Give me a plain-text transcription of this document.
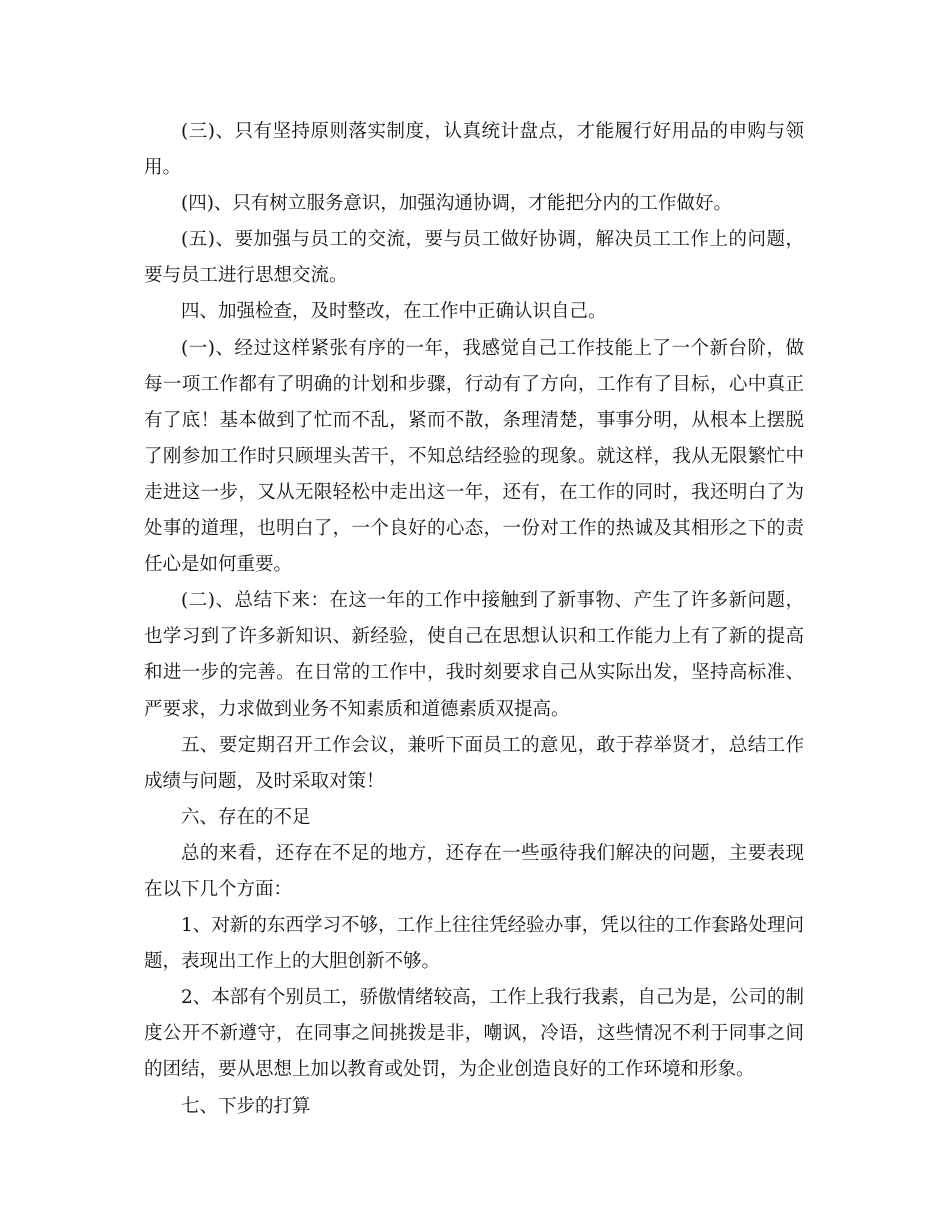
(三)、只有坚持原则落实制度，认真统计盘点，才能履行好用品的申购与领用。

(四)、只有树立服务意识，加强沟通协调，才能把分内的工作做好。

(五)、要加强与员工的交流，要与员工做好协调，解决员工工作上的问题，要与员工进行思想交流。

四、加强检查，及时整改，在工作中正确认识自己。

(一)、经过这样紧张有序的一年，我感觉自己工作技能上了一个新台阶，做每一项工作都有了明确的计划和步骤，行动有了方向，工作有了目标，心中真正有了底！基本做到了忙而不乱，紧而不散，条理清楚，事事分明，从根本上摆脱了刚参加工作时只顾埋头苦干，不知总结经验的现象。就这样，我从无限繁忙中走进这一步，又从无限轻松中走出这一年，还有，在工作的同时，我还明白了为处事的道理，也明白了，一个良好的心态，一份对工作的热诚及其相形之下的责任心是如何重要。

(二)、总结下来：在这一年的工作中接触到了新事物、产生了许多新问题，也学习到了许多新知识、新经验，使自己在思想认识和工作能力上有了新的提高和进一步的完善。在日常的工作中，我时刻要求自己从实际出发，坚持高标准、严要求，力求做到业务不知素质和道德素质双提高。

五、要定期召开工作会议，兼听下面员工的意见，敢于荐举贤才，总结工作成绩与问题，及时采取对策！

六、存在的不足

总的来看，还存在不足的地方，还存在一些亟待我们解决的问题，主要表现在以下几个方面：

1、对新的东西学习不够，工作上往往凭经验办事，凭以往的工作套路处理问题，表现出工作上的大胆创新不够。

2、本部有个别员工，骄傲情绪较高，工作上我行我素，自己为是，公司的制度公开不新遵守，在同事之间挑拨是非，嘲讽，冷语，这些情况不利于同事之间的团结，要从思想上加以教育或处罚，为企业创造良好的工作环境和形象。

七、下步的打算
